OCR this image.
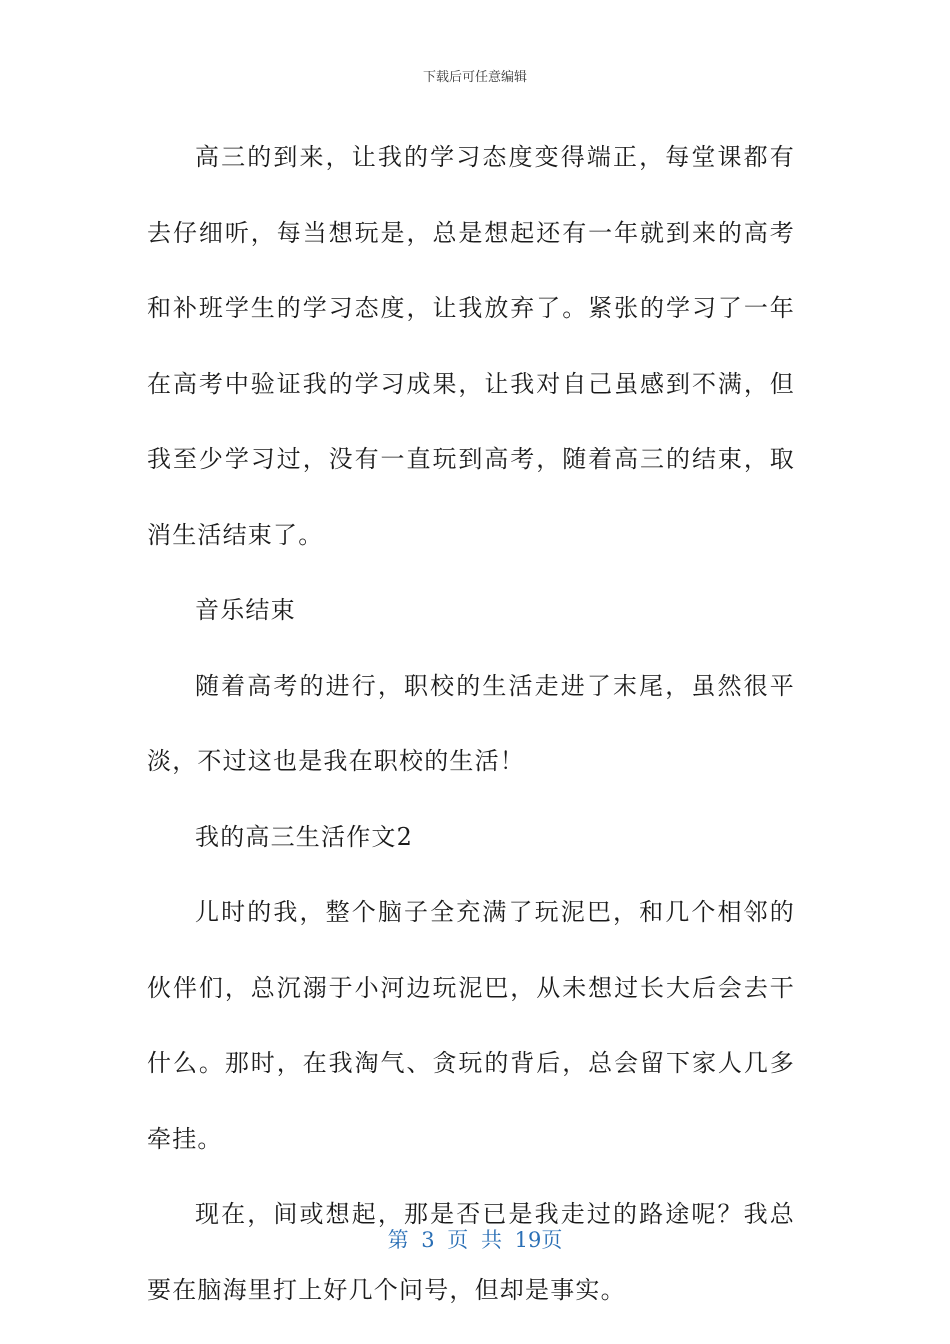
下载后可任意编辑

高三的到来，让我的学习态度变得端正，每堂课都有去仔细听，每当想玩是，总是想起还有一年就到来的高考和补班学生的学习态度，让我放弃了。紧张的学习了一年在高考中验证我的学习成果，让我对自己虽感到不满，但我至少学习过，没有一直玩到高考，随着高三的结束，取消生活结束了。

音乐结束

随着高考的进行，职校的生活走进了末尾，虽然很平淡，不过这也是我在职校的生活！

我的高三生活作文2

儿时的我，整个脑子全充满了玩泥巴，和几个相邻的伙伴们，总沉溺于小河边玩泥巴，从未想过长大后会去干什么。那时，在我淘气、贪玩的背后，总会留下家人几多牵挂。

现在，间或想起，那是否已是我走过的路途呢？我总要在脑海里打上好几个问号，但却是事实。

第 3 页 共 19页
